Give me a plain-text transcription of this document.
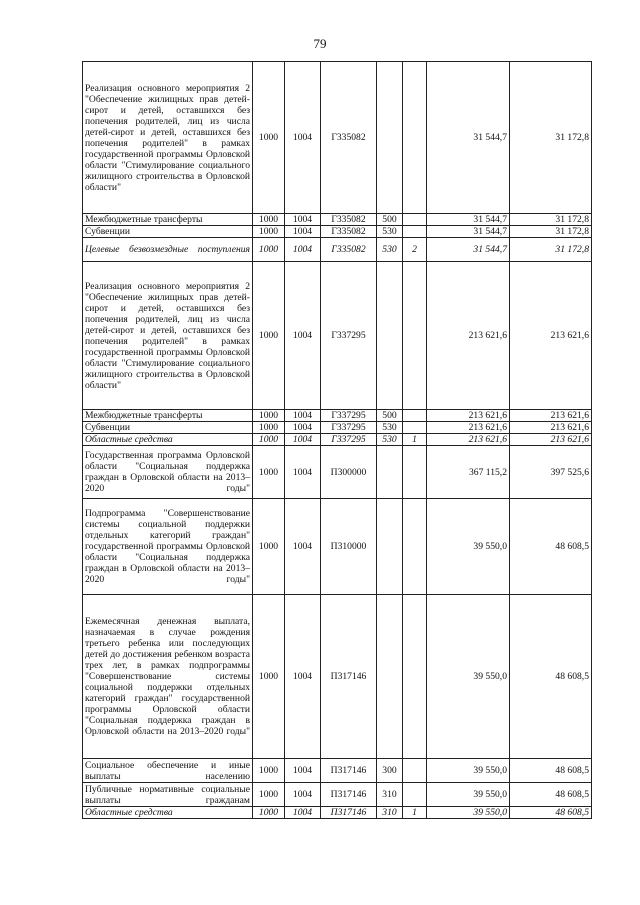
79
Реализация основного мероприятия 2 "Обеспечение жилищных прав детей-сирот и детей, оставшихся без попечения родителей, лиц из числа детей-сирот и детей, оставшихся без попечения родителей" в рамках государственной программы Орловской области "Стимулирование социального жилищного строительства в Орловской области"	1000	1004	Г335082			31 544,7	31 172,8
Межбюджетные трансферты	1000	1004	Г335082	500		31 544,7	31 172,8
Субвенции	1000	1004	Г335082	530		31 544,7	31 172,8
Целевые безвозмездные поступления	1000	1004	Г335082	530	2	31 544,7	31 172,8
Реализация основного мероприятия 2 "Обеспечение жилищных прав детей-сирот и детей, оставшихся без попечения родителей, лиц из числа детей-сирот и детей, оставшихся без попечения родителей" в рамках государственной программы Орловской области "Стимулирование социального жилищного строительства в Орловской области"	1000	1004	Г337295			213 621,6	213 621,6
Межбюджетные трансферты	1000	1004	Г337295	500		213 621,6	213 621,6
Субвенции	1000	1004	Г337295	530		213 621,6	213 621,6
Областные средства	1000	1004	Г337295	530	1	213 621,6	213 621,6
Государственная программа Орловской области "Социальная поддержка граждан в Орловской области на 2013–2020 годы"	1000	1004	П300000			367 115,2	397 525,6
Подпрограмма "Совершенствование системы социальной поддержки отдельных категорий граждан" государственной программы Орловской области "Социальная поддержка граждан в Орловской области на 2013–2020 годы"	1000	1004	П310000			39 550,0	48 608,5
Ежемесячная денежная выплата, назначаемая в случае рождения третьего ребенка или последующих детей до достижения ребенком возраста трех лет, в рамках подпрограммы "Совершенствование системы социальной поддержки отдельных категорий граждан" государственной программы Орловской области "Социальная поддержка граждан в Орловской области на 2013–2020 годы"	1000	1004	П317146			39 550,0	48 608,5
Социальное обеспечение и иные выплаты населению	1000	1004	П317146	300		39 550,0	48 608,5
Публичные нормативные социальные выплаты гражданам	1000	1004	П317146	310		39 550,0	48 608,5
Областные средства	1000	1004	П317146	310	1	39 550,0	48 608,5
